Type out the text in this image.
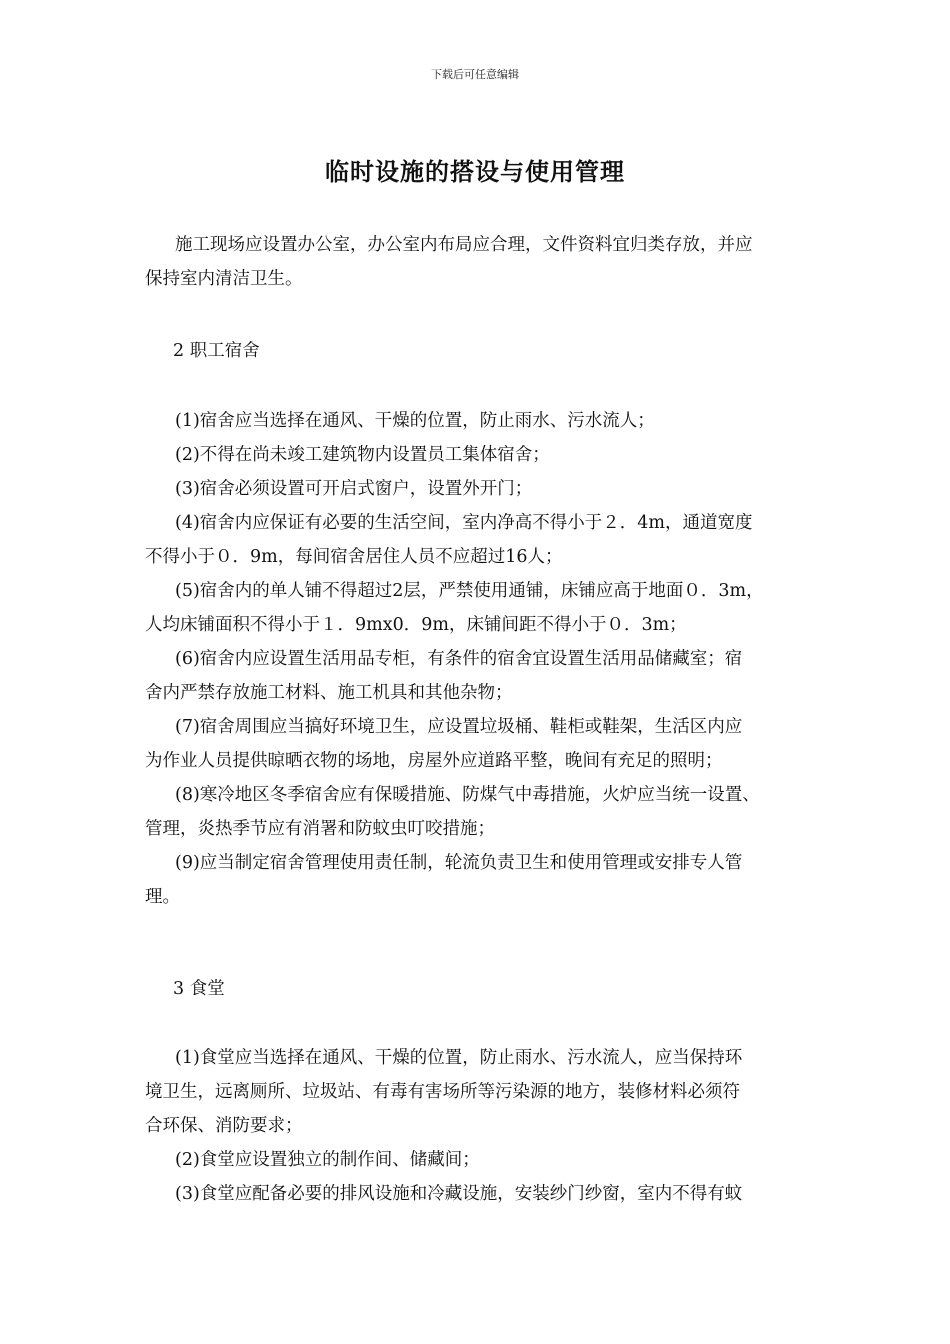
下载后可任意编辑
临时设施的搭设与使用管理
施工现场应设置办公室，办公室内布局应合理，文件资料宜归类存放，并应
保持室内清洁卫生。
2 职工宿舍
(1)宿舍应当选择在通风、干燥的位置，防止雨水、污水流人；
(2)不得在尚未竣工建筑物内设置员工集体宿舍；
(3)宿舍必须设置可开启式窗户，设置外开门；
(4)宿舍内应保证有必要的生活空间，室内净高不得小于２．4m，通道宽度
不得小于０．9m，每间宿舍居住人员不应超过16人；
(5)宿舍内的单人铺不得超过2层，严禁使用通铺，床铺应高于地面０．3m，
人均床铺面积不得小于１．9mx0．9m，床铺间距不得小于０．3m；
(6)宿舍内应设置生活用品专柜，有条件的宿舍宜设置生活用品储藏室；宿
舍内严禁存放施工材料、施工机具和其他杂物；
(7)宿舍周围应当搞好环境卫生，应设置垃圾桶、鞋柜或鞋架，生活区内应
为作业人员提供晾晒衣物的场地，房屋外应道路平整，晚间有充足的照明；
(8)寒冷地区冬季宿舍应有保暖措施、防煤气中毒措施，火炉应当统一设置、
管理，炎热季节应有消署和防蚊虫叮咬措施；
(9)应当制定宿舍管理使用责任制，轮流负责卫生和使用管理或安排专人管
理。
3 食堂
(1)食堂应当选择在通风、干燥的位置，防止雨水、污水流人，应当保持环
境卫生，远离厕所、垃圾站、有毒有害场所等污染源的地方，装修材料必须符
合环保、消防要求；
(2)食堂应设置独立的制作间、储藏间；
(3)食堂应配备必要的排风设施和冷藏设施，安装纱门纱窗，室内不得有蚊
